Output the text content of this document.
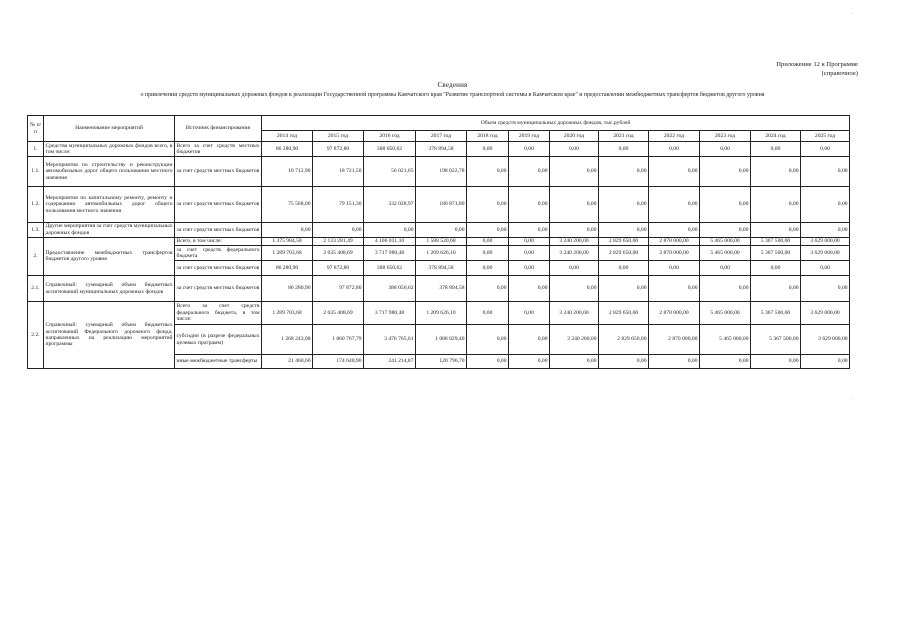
Приложение 12 к Программе
(справочное)
Сведения
о привлечении средств муниципальных дорожных фондов к реализации Государственной программы Камчатского края "Развитие транспортной системы в Камчатском крае" и предоставлении межбюджетных трансфертов бюджетов другого уровня
№ п/п	Наименование мероприятий	Источник финансирования	Объем средств муниципальных дорожных фондов, тыс.рублей											
			2014 год	2015 год	2016 год	2017 год	2018 год	2019 год	2020 год	2021 год	2022 год	2023 год	2024 год	2025 год
1.	Средства муниципальных дорожных фондов всего, в том числе:	Всего за счет средств местных бюджетов	86 280,90	97 872,80	388 050,62	378 894,58	0,00	0,00	0,00	0,00	0,00	0,00	0,00	0,00
1.1.	Мероприятия по строительству и реконструкции автомобильных дорог общего пользования местного значения	за счет средств местных бюджетов	10 712,90	18 721,50	56 021,65	198 022,78	0,00	0,00	0,00	0,00	0,00	0,00	0,00	0,00
1.2.	Мероприятия по капитальному ремонту, ремонту и содержанию автомобильных дорог общего пользования местного значения	за счет средств местных бюджетов	75 568,00	79 151,30	332 028,97	180 871,80	0,00	0,00	0,00	0,00	0,00	0,00	0,00	0,00
1.3.	Другие мероприятия за счет средств муниципальных дорожных фондов	за счет средств местных бюджетов	0,00	0,00	0,00	0,00	0,00	0,00	0,00	0,00	0,00	0,00	0,00	0,00
2.	Предоставление межбюджетных трансфертов бюджетов другого уровня	Всего, в том числе:	1 375 984,58	2 133 281,49	4 106 031,10	1 588 520,68	0,00	0,00	3 240 200,00	2 829 650,00	2 870 000,00	5 465 000,00	5 367 500,00	3 629 000,00
		за счет средств федерального бюджета	1 289 703,68	2 035 408,69	3 717 980,48	1 209 626,10	0,00	0,00	3 240 200,00	2 829 650,00	2 870 000,00	5 465 000,00	5 367 500,00	3 629 000,00
		за счет средств местных бюджетов	86 280,90	97 872,80	388 050,62	378 894,58	0,00	0,00	0,00	0,00	0,00	0,00	0,00	0,00
2.1.	Справочный: суммарный объем бюджетных ассигнований муниципальных дорожных фондов	за счет средств местных бюджетов	86 280,90	97 872,80	388 050,62	378 894,58	0,00	0,00	0,00	0,00	0,00	0,00	0,00	0,00
2.2.	Справочный: суммарный объем бюджетных ассигнований Федерального дорожного фонда, направленных на реализацию мероприятий программы	Всего за счет средств федерального бюджета, в том числе:	1 289 703,68	2 035 408,69	3 717 980,48	1 209 626,10	0,00	0,00	3 240 200,00	2 829 650,00	2 870 000,00	5 465 000,00	5 367 500,00	3 629 000,00
		субсидии (в разрезе федеральных целевых программ)	1 268 243,08	1 860 767,79	3 476 765,61	1 088 829,40	0,00	0,00	3 240 200,00	2 829 650,00	2 870 000,00	5 465 000,00	5 367 500,00	3 629 000,00
		иные межбюджетные трансферты	21 460,60	174 640,90	241 214,87	120 796,70	0,00	0,00	0,00	0,00	0,00	0,00	0,00	0,00
·
·
